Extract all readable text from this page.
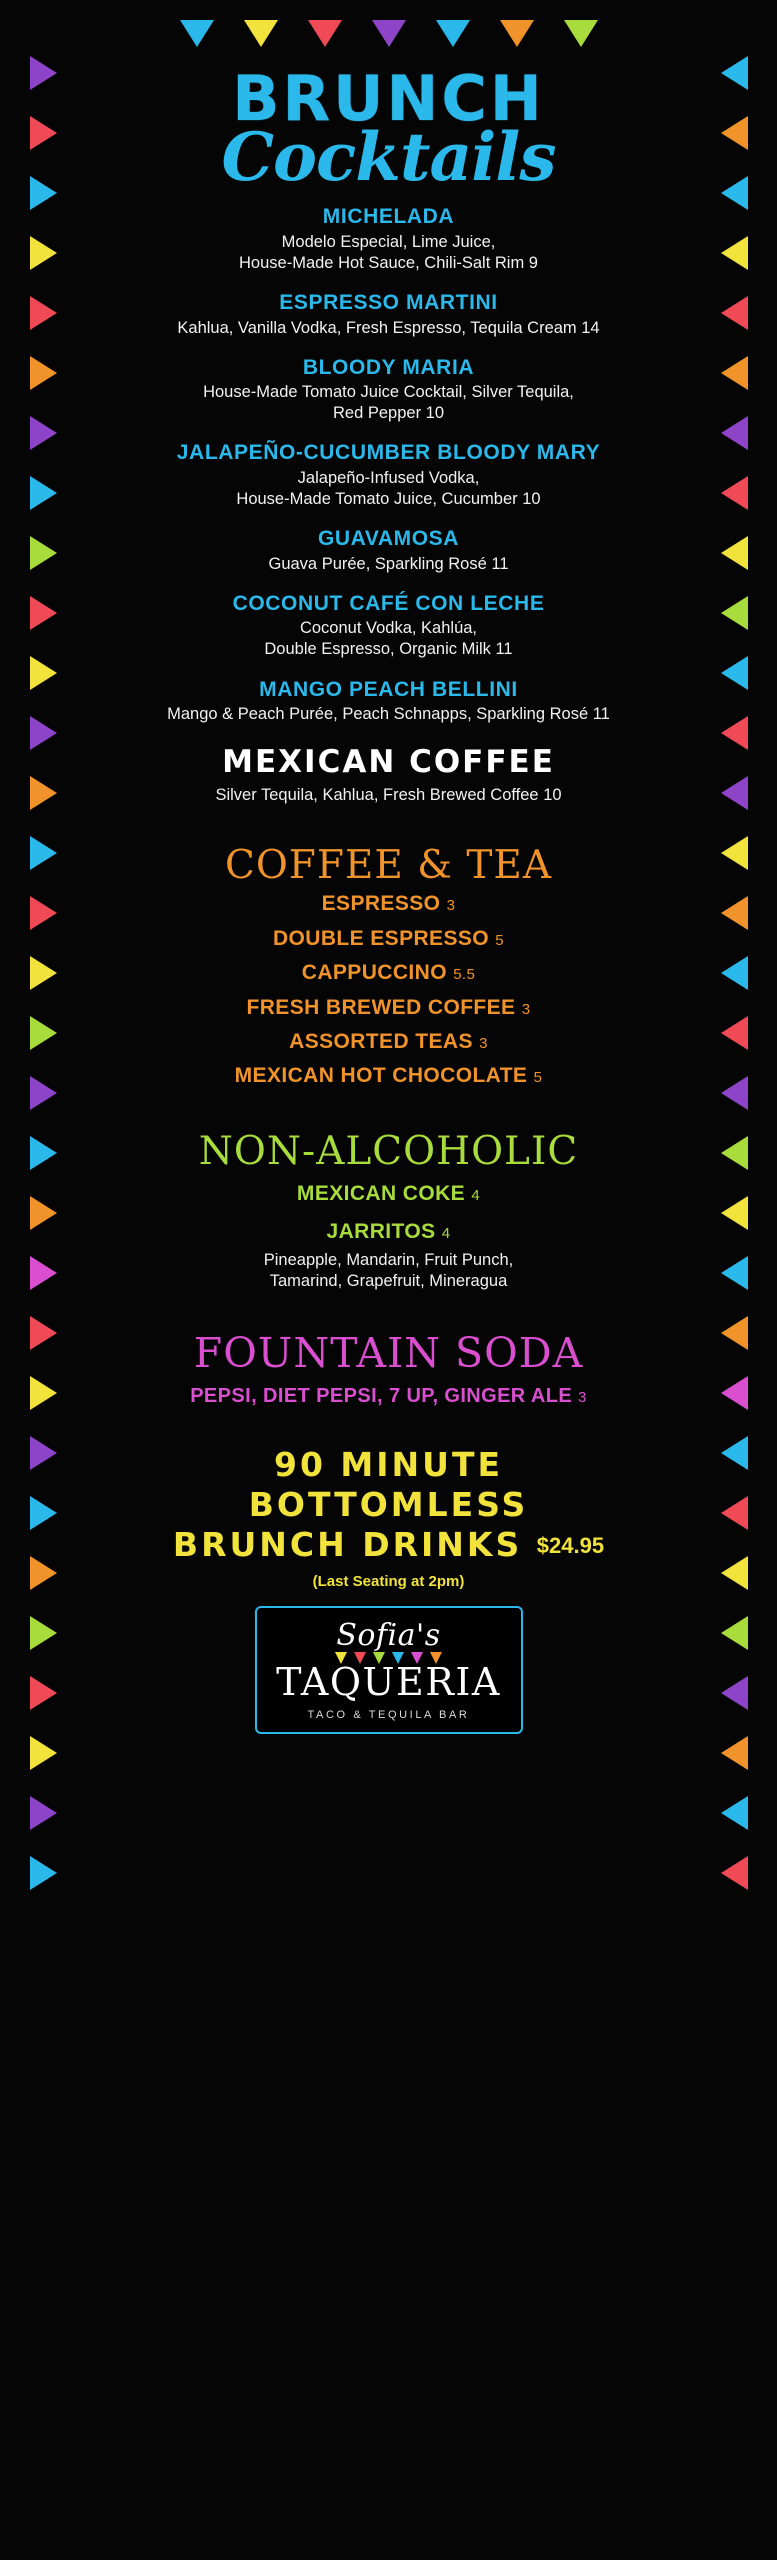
BRUNCH
Cocktails
MICHELADA
Modelo Especial, Lime Juice,
House-Made Hot Sauce, Chili-Salt Rim 9
ESPRESSO MARTINI
Kahlua, Vanilla Vodka, Fresh Espresso, Tequila Cream 14
BLOODY MARIA
House-Made Tomato Juice Cocktail, Silver Tequila,
Red Pepper 10
JALAPEÑO-CUCUMBER BLOODY MARY
Jalapeño-Infused Vodka,
House-Made Tomato Juice, Cucumber 10
GUAVAMOSA
Guava Purée, Sparkling Rosé 11
COCONUT CAFÉ CON LECHE
Coconut Vodka, Kahlúa,
Double Espresso, Organic Milk 11
MANGO PEACH BELLINI
Mango & Peach Purée, Peach Schnapps, Sparkling Rosé 11
MEXICAN COFFEE
Silver Tequila, Kahlua, Fresh Brewed Coffee 10
COFFEE & TEA
ESPRESSO 3
DOUBLE ESPRESSO 5
CAPPUCCINO 5.5
FRESH BREWED COFFEE 3
ASSORTED TEAS 3
MEXICAN HOT CHOCOLATE 5
NON-ALCOHOLIC
MEXICAN COKE 4
JARRITOS 4
Pineapple, Mandarin, Fruit Punch,
Tamarind, Grapefruit, Mineragua
FOUNTAIN SODA
PEPSI, DIET PEPSI, 7 UP, GINGER ALE 3
90 MINUTE
BOTTOMLESS
BRUNCH DRINKS $24.95
(Last Seating at 2pm)
Sofia's
TAQUERIA
TACO & TEQUILA BAR
